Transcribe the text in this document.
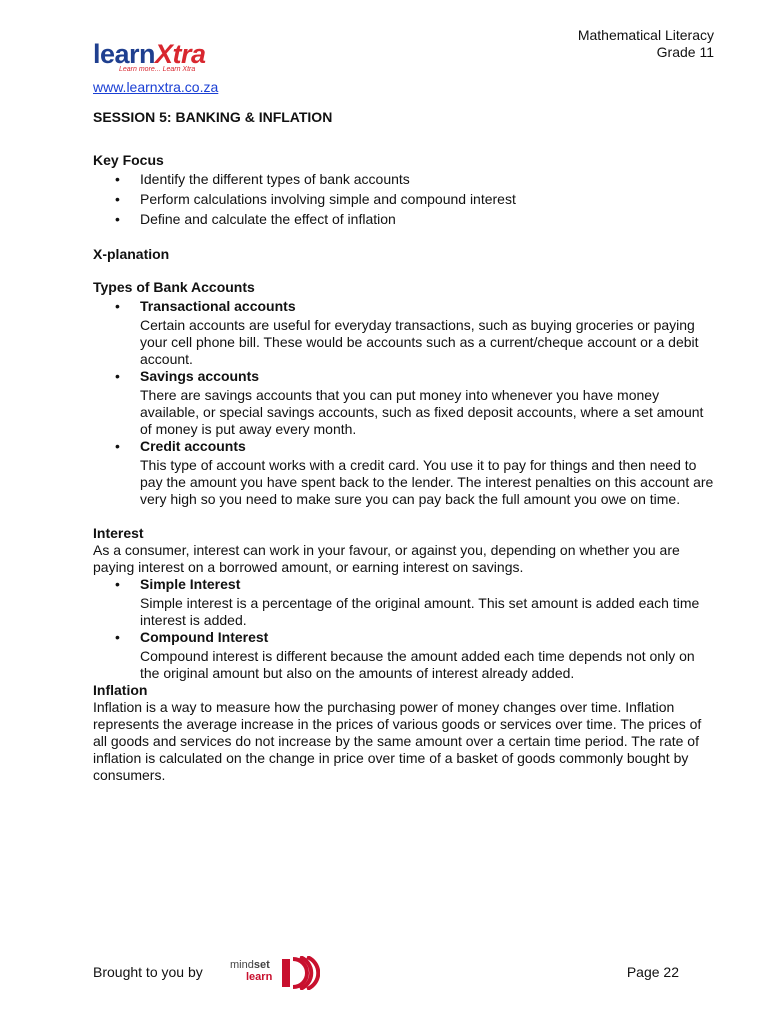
Mathematical Literacy
Grade 11
learnXtra
Learn more... Learn Xtra
www.learnxtra.co.za
SESSION 5: BANKING & INFLATION
Key Focus
• Identify the different types of bank accounts
• Perform calculations involving simple and compound interest
• Define and calculate the effect of inflation
X-planation
Types of Bank Accounts
• Transactional accounts

Certain accounts are useful for everyday transactions, such as buying groceries or paying your cell phone bill. These would be accounts such as a current/cheque account or a debit account.

• Savings accounts

There are savings accounts that you can put money into whenever you have money available, or special savings accounts, such as fixed deposit accounts, where a set amount of money is put away every month.

• Credit accounts

This type of account works with a credit card. You use it to pay for things and then need to pay the amount you have spent back to the lender. The interest penalties on this account are very high so you need to make sure you can pay back the full amount you owe on time.

Interest

As a consumer, interest can work in your favour, or against you, depending on whether you are paying interest on a borrowed amount, or earning interest on savings.

• Simple Interest

Simple interest is a percentage of the original amount. This set amount is added each time interest is added.

• Compound Interest

Compound interest is different because the amount added each time depends not only on the original amount but also on the amounts of interest already added.

Inflation

Inflation is a way to measure how the purchasing power of money changes over time. Inflation represents the average increase in the prices of various goods or services over time. The prices of all goods and services do not increase by the same amount over a certain time period. The rate of inflation is calculated on the change in price over time of a basket of goods commonly bought by consumers.

Brought to you by mindset
learn	Page 22
